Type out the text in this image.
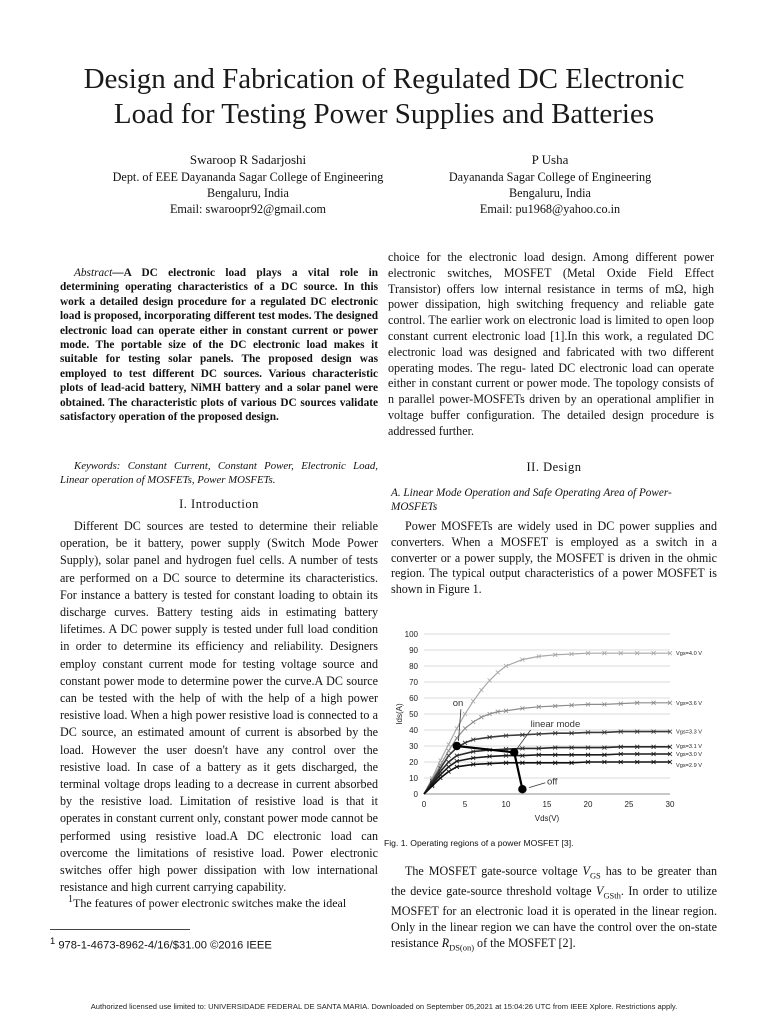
Design and Fabrication of Regulated DC Electronic
Load for Testing Power Supplies and Batteries
Swaroop R Sadarjoshi
Dept. of EEE Dayananda Sagar College of Engineering
Bengaluru, India
Email: swaroopr92@gmail.com
P Usha
Dayananda Sagar College of Engineering
Bengaluru, India
Email: pu1968@yahoo.co.in
Abstract—A DC electronic load plays a vital role in determining operating characteristics of a DC source. In this work a detailed design procedure for a regulated DC electronic load is proposed, incorporating different test modes. The designed electronic load can operate either in constant current or power mode. The portable size of the DC electronic load makes it suitable for testing solar panels. The proposed design was employed to test different DC sources. Various characteristic plots of lead-acid battery, NiMH battery and a solar panel were obtained. The characteristic plots of various DC sources validate satisfactory operation of the proposed design.
Keywords: Constant Current, Constant Power, Electronic Load, Linear operation of MOSFETs, Power MOSFETs.
I. Introduction
Different DC sources are tested to determine their reliable operation, be it battery, power supply (Switch Mode Power Supply), solar panel and hydrogen fuel cells. A number of tests are performed on a DC source to determine its characteristics. For instance a battery is tested for constant loading to obtain its discharge curves. Battery testing aids in estimating battery lifetimes. A DC power supply is tested under full load condition in order to determine its efficiency and reliability. Designers employ constant current mode for testing voltage source and constant power mode to determine power the curve.A DC source can be tested with the help of with the help of a high power resistive load. When a high power resistive load is connected to a DC source, an estimated amount of current is absorbed by the load. However the user doesn't have any control over the resistive load. In case of a battery as it gets discharged, the terminal voltage drops leading to a decrease in current absorbed by the resistive load. Limitation of resistive load is that it operates in constant current only, constant power mode cannot be performed using resistive load.A DC electronic load can overcome the limitations of resistive load. Power electronic switches offer high power dissipation with low international resistance and high current carrying capability.
$^1$The features of power electronic switches make the ideal
$^1$ 978-1-4673-8962-4/16/$31.00 ©2016 IEEE
choice for the electronic load design. Among different power electronic switches, MOSFET (Metal Oxide Field Effect Transistor) offers low internal resistance in terms of mΩ, high power dissipation, high switching frequency and reliable gate control. The earlier work on electronic load is limited to open loop constant current electronic load [1].In this work, a regulated DC electronic load was designed and fabricated with two different operating modes. The regu- lated DC electronic load can operate either in constant current or power mode. The topology consists of n parallel power-MOSFETs driven by an operational amplifier in voltage buffer configuration. The detailed design procedure is addressed further.
II. Design
A. Linear Mode Operation and Safe Operating Area of Power-MOSFETs
Power MOSFETs are widely used in DC power supplies and converters. When a MOSFET is employed as a switch in a converter or a power supply, the MOSFET is driven in the ohmic region. The typical output characteristics of a power MOSFET is shown in Figure 1.
0
10
20
30
40
50
60
70
80
90
100
0	5	10	15	20	25	30
Vds(V)
Ids(A)
Vgs=4.0 V
Vgs=3.6 V
Vgs=3.3 V
Vgs=3.1 V
Vgs=3.0 V
Vgs=2.9 V
on
linear mode
off
Fig. 1. Operating regions of a power MOSFET [3].
The MOSFET gate-source voltage $V_{GS}$ has to be greater than the device gate-source threshold voltage $V_{GSth}$. In order to utilize MOSFET for an electronic load it is operated in the linear region. Only in the linear region we can have the control over the on-state resistance $R_{DS(on)}$ of the MOSFET [2].
Authorized licensed use limited to: UNIVERSIDADE FEDERAL DE SANTA MARIA. Downloaded on September 05,2021 at 15:04:26 UTC from IEEE Xplore. Restrictions apply.
